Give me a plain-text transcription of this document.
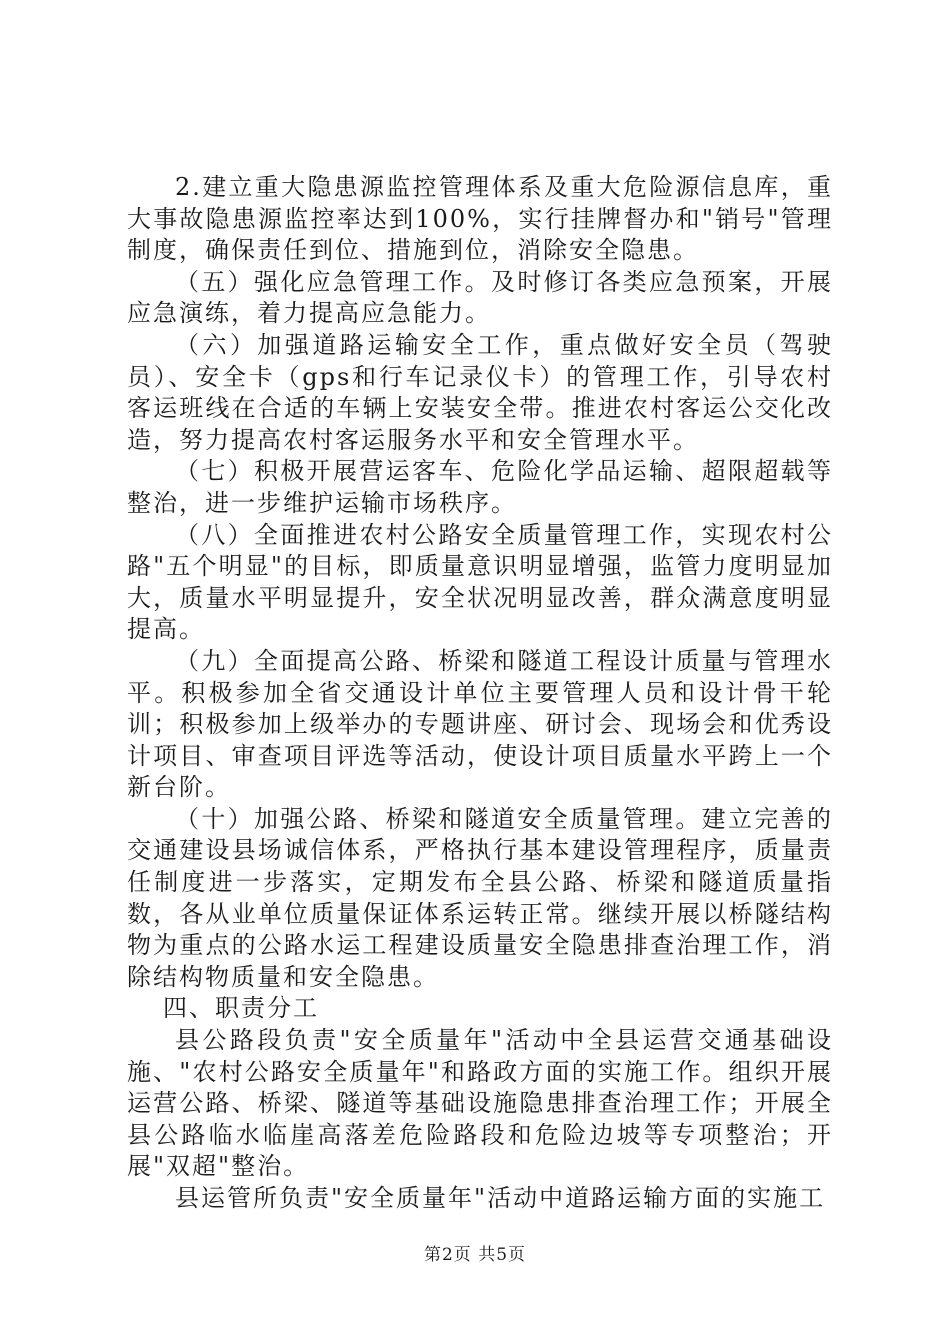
2.建立重大隐患源监控管理体系及重大危险源信息库，重大事故隐患源监控率达到100%，实行挂牌督办和"销号"管理制度，确保责任到位、措施到位，消除安全隐患。

（五）强化应急管理工作。及时修订各类应急预案，开展应急演练，着力提高应急能力。

（六）加强道路运输安全工作，重点做好安全员（驾驶员）、安全卡（gps和行车记录仪卡）的管理工作，引导农村客运班线在合适的车辆上安装安全带。推进农村客运公交化改造，努力提高农村客运服务水平和安全管理水平。

（七）积极开展营运客车、危险化学品运输、超限超载等整治，进一步维护运输市场秩序。

（八）全面推进农村公路安全质量管理工作，实现农村公路"五个明显"的目标，即质量意识明显增强，监管力度明显加大，质量水平明显提升，安全状况明显改善，群众满意度明显提高。

（九）全面提高公路、桥梁和隧道工程设计质量与管理水平。积极参加全省交通设计单位主要管理人员和设计骨干轮训；积极参加上级举办的专题讲座、研讨会、现场会和优秀设计项目、审查项目评选等活动，使设计项目质量水平跨上一个新台阶。

（十）加强公路、桥梁和隧道安全质量管理。建立完善的交通建设县场诚信体系，严格执行基本建设管理程序，质量责任制度进一步落实，定期发布全县公路、桥梁和隧道质量指数，各从业单位质量保证体系运转正常。继续开展以桥隧结构物为重点的公路水运工程建设质量安全隐患排查治理工作，消除结构物质量和安全隐患。

四、职责分工

县公路段负责"安全质量年"活动中全县运营交通基础设施、"农村公路安全质量年"和路政方面的实施工作。组织开展运营公路、桥梁、隧道等基础设施隐患排查治理工作；开展全县公路临水临崖高落差危险路段和危险边坡等专项整治；开展"双超"整治。

县运管所负责"安全质量年"活动中道路运输方面的实施工

第2页 共5页
